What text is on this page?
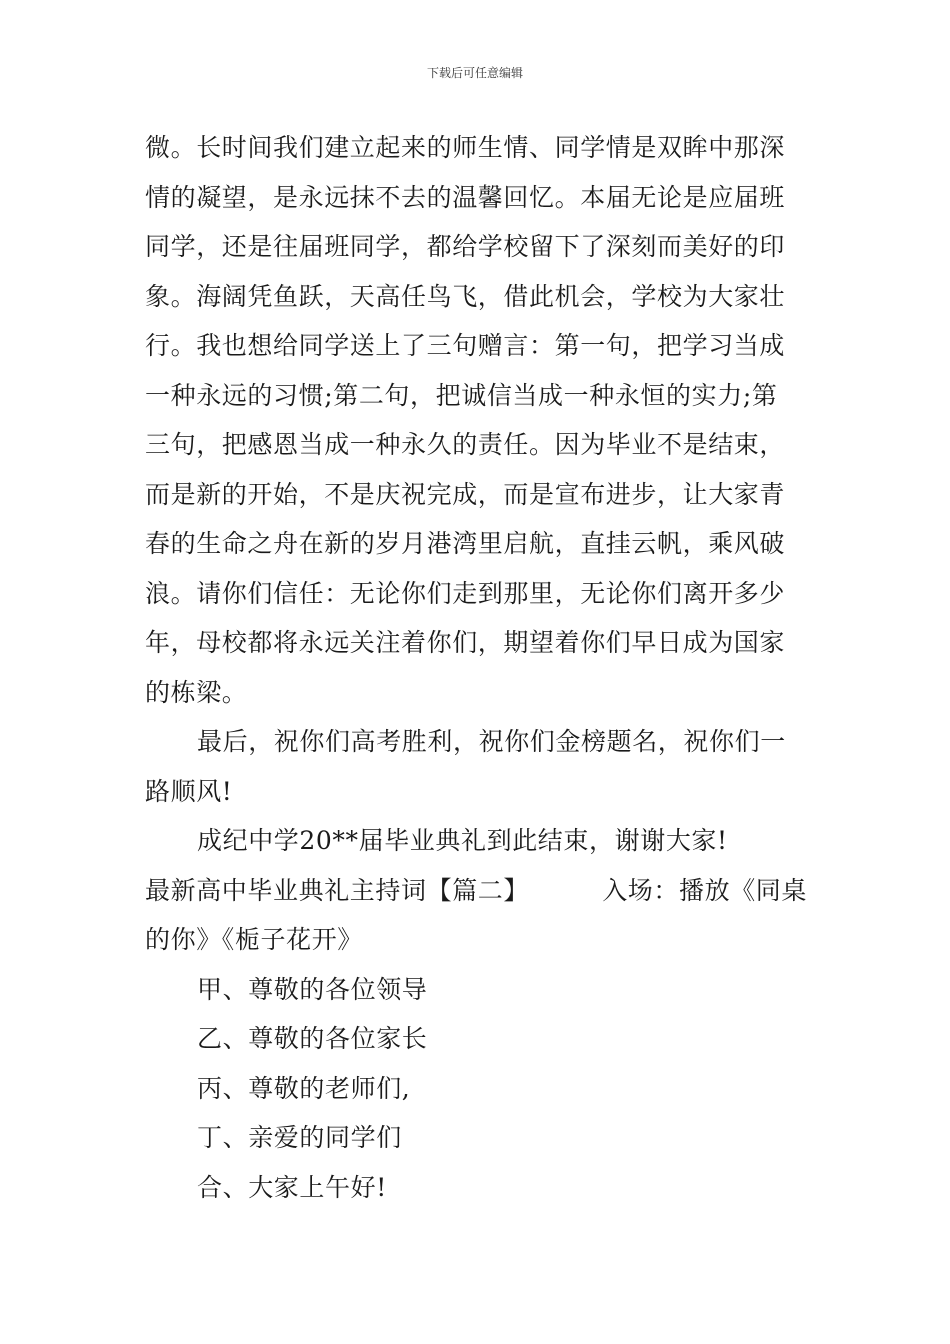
下载后可任意编辑
微。长时间我们建立起来的师生情、同学情是双眸中那深
情的凝望，是永远抹不去的温馨回忆。本届无论是应届班
同学，还是往届班同学，都给学校留下了深刻而美好的印
象。海阔凭鱼跃，天高任鸟飞，借此机会，学校为大家壮
行。我也想给同学送上了三句赠言：第一句，把学习当成
一种永远的习惯;第二句，把诚信当成一种永恒的实力;第
三句，把感恩当成一种永久的责任。因为毕业不是结束，
而是新的开始，不是庆祝完成，而是宣布进步，让大家青
春的生命之舟在新的岁月港湾里启航，直挂云帆，乘风破
浪。请你们信任：无论你们走到那里，无论你们离开多少
年，母校都将永远关注着你们，期望着你们早日成为国家
的栋梁。
最后，祝你们高考胜利，祝你们金榜题名，祝你们一
路顺风!
成纪中学20**届毕业典礼到此结束，谢谢大家!
最新高中毕业典礼主持词【篇二】	入场：播放《同桌
的你》《栀子花开》
甲、尊敬的各位领导
乙、尊敬的各位家长
丙、尊敬的老师们,
丁、亲爱的同学们
合、大家上午好!
